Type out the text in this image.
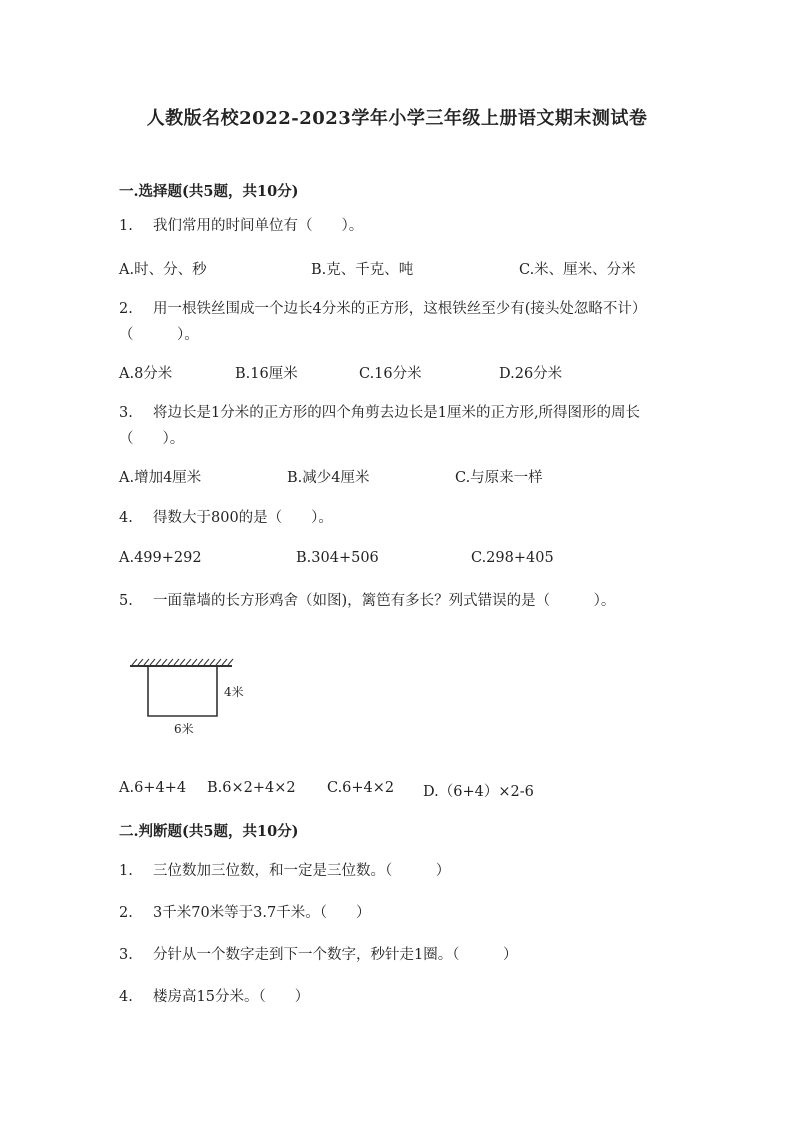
人教版名校2022-2023学年小学三年级上册语文期末测试卷
一.选择题(共5题，共10分)
1. 我们常用的时间单位有（　　）。
A.时、分、秒	B.克、千克、吨	C.米、厘米、分米
2. 用一根铁丝围成一个边长4分米的正方形，这根铁丝至少有(接头处忽略不计）（　　　）。
A.8分米	B.16厘米	C.16分米	D.26分米
3. 将边长是1分米的正方形的四个角剪去边长是1厘米的正方形,所得图形的周长（　　）。
A.增加4厘米	B.减少4厘米	C.与原来一样
4. 得数大于800的是（　　）。
A.499+292	B.304+506	C.298+405
5. 一面靠墙的长方形鸡舍（如图)，篱笆有多长？列式错误的是（　　　）。
4米
6米
A.6+4+4 B.6×2+4×2 C.6+4×2 D.（6+4）×2-6
二.判断题(共5题，共10分)
1. 三位数加三位数，和一定是三位数。（　　　）
2. 3千米70米等于3.7千米。（　　）
3. 分针从一个数字走到下一个数字，秒针走1圈。（　　　）
4. 楼房高15分米。（　　）
